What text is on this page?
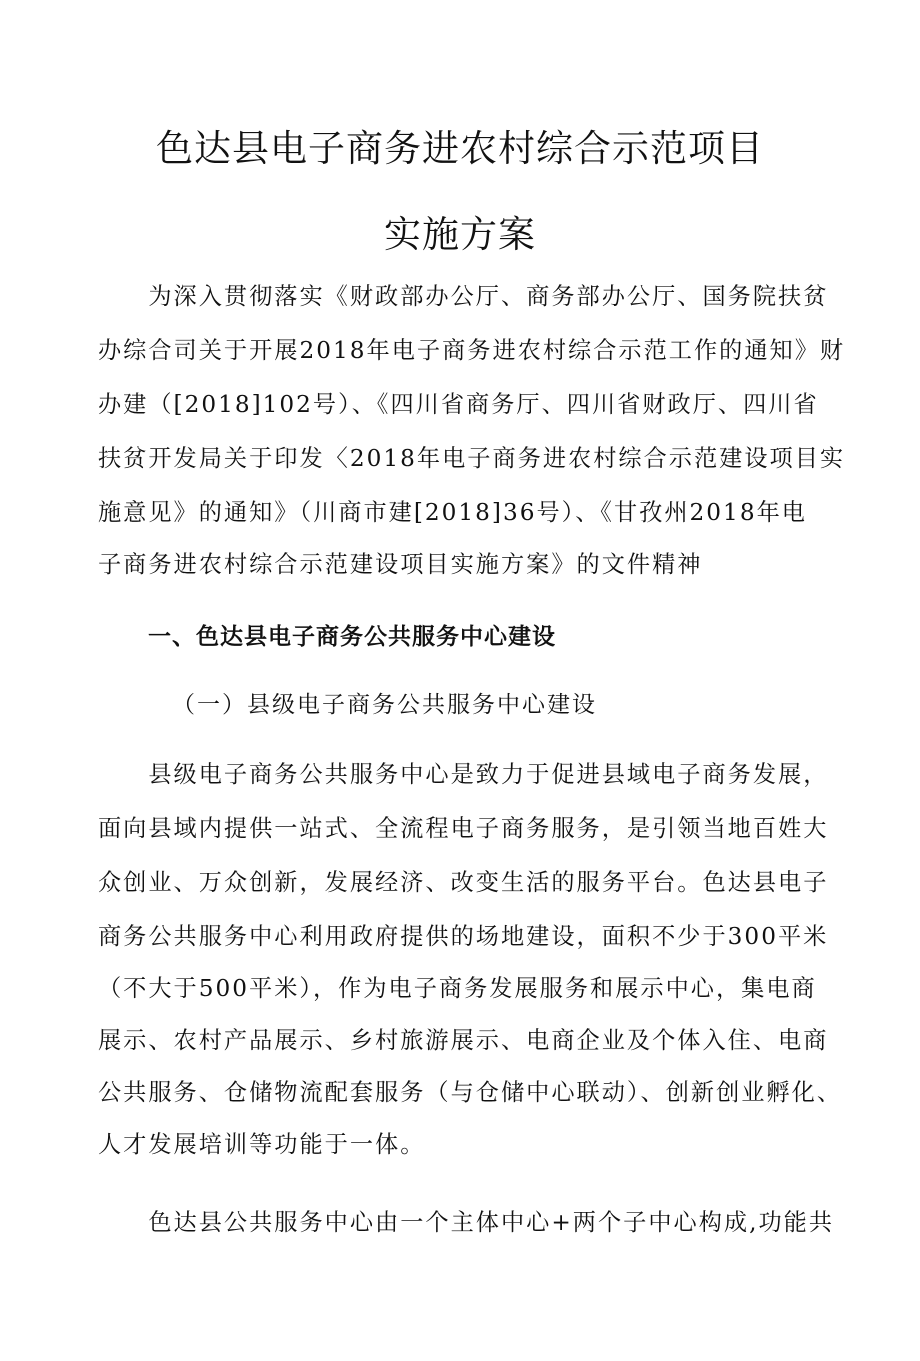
色达县电子商务进农村综合示范项目
实施方案
　　为深入贯彻落实《财政部办公厅、商务部办公厅、国务院扶贫
办综合司关于开展2018年电子商务进农村综合示范工作的通知》财
办建（[2018]102号）、《四川省商务厅、四川省财政厅、四川省
扶贫开发局关于印发〈2018年电子商务进农村综合示范建设项目实
施意见》的通知》（川商市建[2018]36号）、《甘孜州2018年电
子商务进农村综合示范建设项目实施方案》的文件精神
一、色达县电子商务公共服务中心建设
（一）县级电子商务公共服务中心建设
　　县级电子商务公共服务中心是致力于促进县域电子商务发展，
面向县域内提供一站式、全流程电子商务服务，是引领当地百姓大
众创业、万众创新，发展经济、改变生活的服务平台。色达县电子
商务公共服务中心利用政府提供的场地建设，面积不少于300平米
（不大于500平米），作为电子商务发展服务和展示中心，集电商
展示、农村产品展示、乡村旅游展示、电商企业及个体入住、电商
公共服务、仓储物流配套服务（与仓储中心联动）、创新创业孵化、
人才发展培训等功能于一体。
　　色达县公共服务中心由一个主体中心+两个子中心构成,功能共
